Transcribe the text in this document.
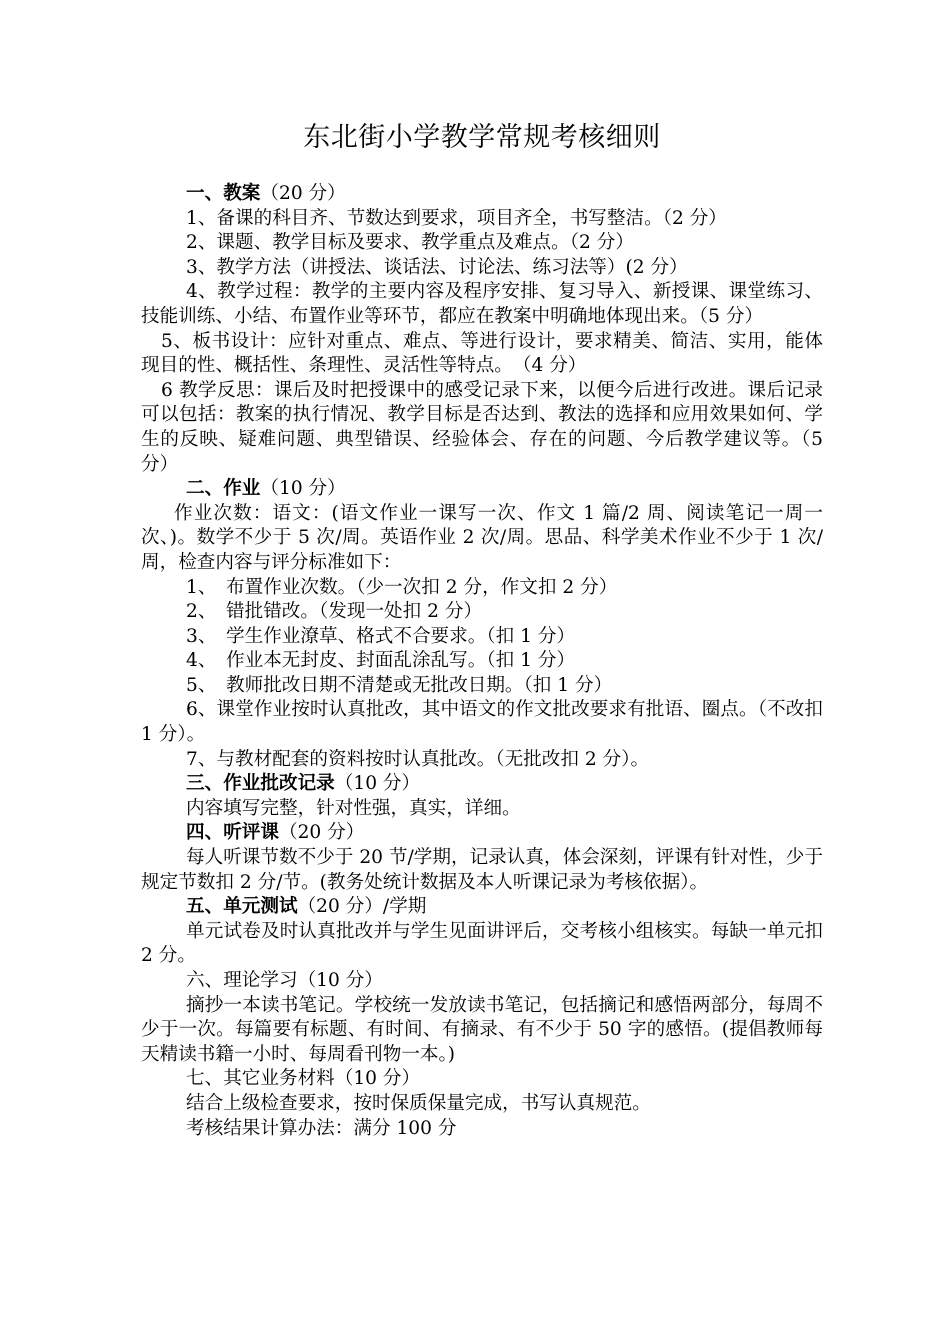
东北街小学教学常规考核细则

一、教案（20 分）

1、备课的科目齐、节数达到要求，项目齐全，书写整洁。（2 分）

2、课题、教学目标及要求、教学重点及难点。（2 分）

3、教学方法（讲授法、谈话法、讨论法、练习法等）(2 分）

4、教学过程：教学的主要内容及程序安排、复习导入、新授课、课堂练习、技能训练、小结、布置作业等环节，都应在教案中明确地体现出来。（5 分）

5、板书设计：应针对重点、难点、等进行设计，要求精美、简洁、实用，能体现目的性、概括性、条理性、灵活性等特点。　（4 分）

6 教学反思：课后及时把授课中的感受记录下来，以便今后进行改进。课后记录可以包括：教案的执行情况、教学目标是否达到、教法的选择和应用效果如何、学生的反映、疑难问题、典型错误、经验体会、存在的问题、今后教学建议等。（5 分）

二、作业（10 分）

作业次数：语文：(语文作业一课写一次、作文 1 篇/2 周、阅读笔记一周一次、)。数学不少于 5 次/周。英语作业 2 次/周。思品、科学美术作业不少于 1 次/周，检查内容与评分标准如下：

1、 布置作业次数。（少一次扣 2 分，作文扣 2 分）

2、 错批错改。（发现一处扣 2 分）

3、 学生作业潦草、格式不合要求。（扣 1 分）

4、 作业本无封皮、封面乱涂乱写。（扣 1 分）

5、 教师批改日期不清楚或无批改日期。（扣 1 分）

6、课堂作业按时认真批改，其中语文的作文批改要求有批语、圈点。（不改扣 1 分）。

7、与教材配套的资料按时认真批改。（无批改扣 2 分）。

三、作业批改记录（10 分）

内容填写完整，针对性强，真实，详细。

四、听评课（20 分）

每人听课节数不少于 20 节/学期，记录认真，体会深刻，评课有针对性，少于规定节数扣 2 分/节。(教务处统计数据及本人听课记录为考核依据）。

五、单元测试（20 分）/学期

单元试卷及时认真批改并与学生见面讲评后，交考核小组核实。每缺一单元扣 2 分。

六、理论学习（10 分）

摘抄一本读书笔记。学校统一发放读书笔记，包括摘记和感悟两部分，每周不少于一次。每篇要有标题、有时间、有摘录、有不少于 50 字的感悟。(提倡教师每天精读书籍一小时、每周看刊物一本。)

七、其它业务材料（10 分）

结合上级检查要求，按时保质保量完成，书写认真规范。

考核结果计算办法：满分 100 分
